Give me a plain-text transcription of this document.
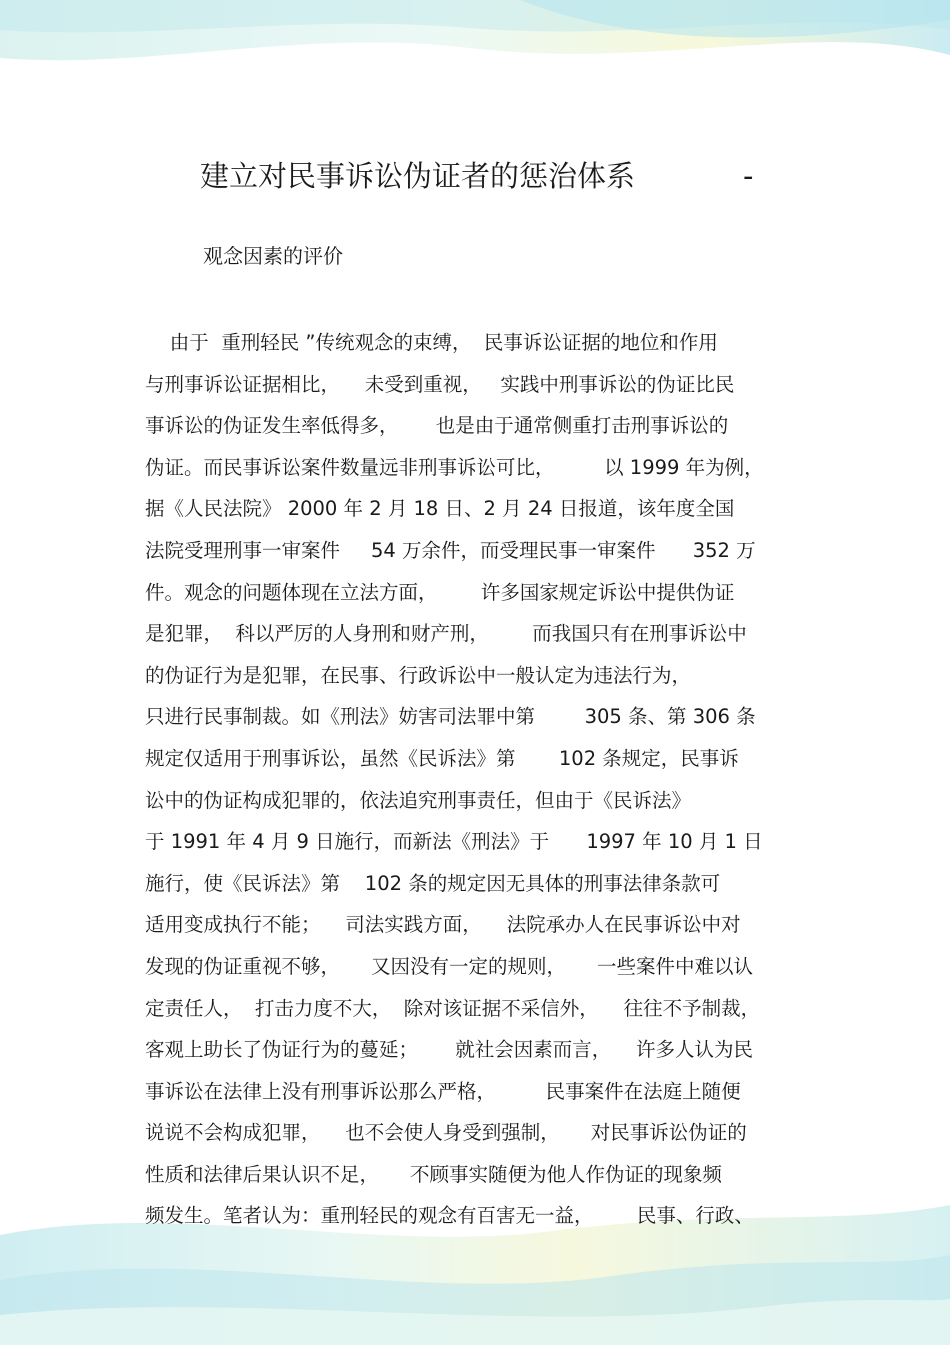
建立对民事诉讼伪证者的惩治体系	-

观念因素的评价

由于  重刑轻民 ”传统观念的束缚，  民事诉讼证据的地位和作用
与刑事诉讼证据相比，    未受到重视，   实践中刑事诉讼的伪证比民
事诉讼的伪证发生率低得多，      也是由于通常侧重打击刑事诉讼的
伪证。而民事诉讼案件数量远非刑事诉讼可比，        以 1999 年为例，
据《人民法院》 2000 年 2 月 18 日、2 月 24 日报道，该年度全国
法院受理刑事一审案件     54 万余件，而受理民事一审案件      352 万
件。观念的问题体现在立法方面，       许多国家规定诉讼中提供伪证
是犯罪，  科以严厉的人身刑和财产刑，       而我国只有在刑事诉讼中
的伪证行为是犯罪，在民事、行政诉讼中一般认定为违法行为，
只进行民事制裁。如《刑法》妨害司法罪中第        305 条、第 306 条
规定仅适用于刑事诉讼，虽然《民诉法》第       102 条规定，民事诉
讼中的伪证构成犯罪的，依法追究刑事责任，但由于《民诉法》
于 1991 年 4 月 9 日施行，而新法《刑法》于      1997 年 10 月 1 日
施行，使《民诉法》第    102 条的规定因无具体的刑事法律条款可
适用变成执行不能；    司法实践方面，    法院承办人在民事诉讼中对
发现的伪证重视不够，     又因没有一定的规则，     一些案件中难以认
定责任人，  打击力度不大，  除对该证据不采信外，    往往不予制裁，
客观上助长了伪证行为的蔓延；      就社会因素而言，    许多人认为民
事诉讼在法律上没有刑事诉讼那么严格，        民事案件在法庭上随便
说说不会构成犯罪，    也不会使人身受到强制，     对民事诉讼伪证的
性质和法律后果认识不足，     不顾事实随便为他人作伪证的现象频
频发生。笔者认为：重刑轻民的观念有百害无一益，       民事、行政、
